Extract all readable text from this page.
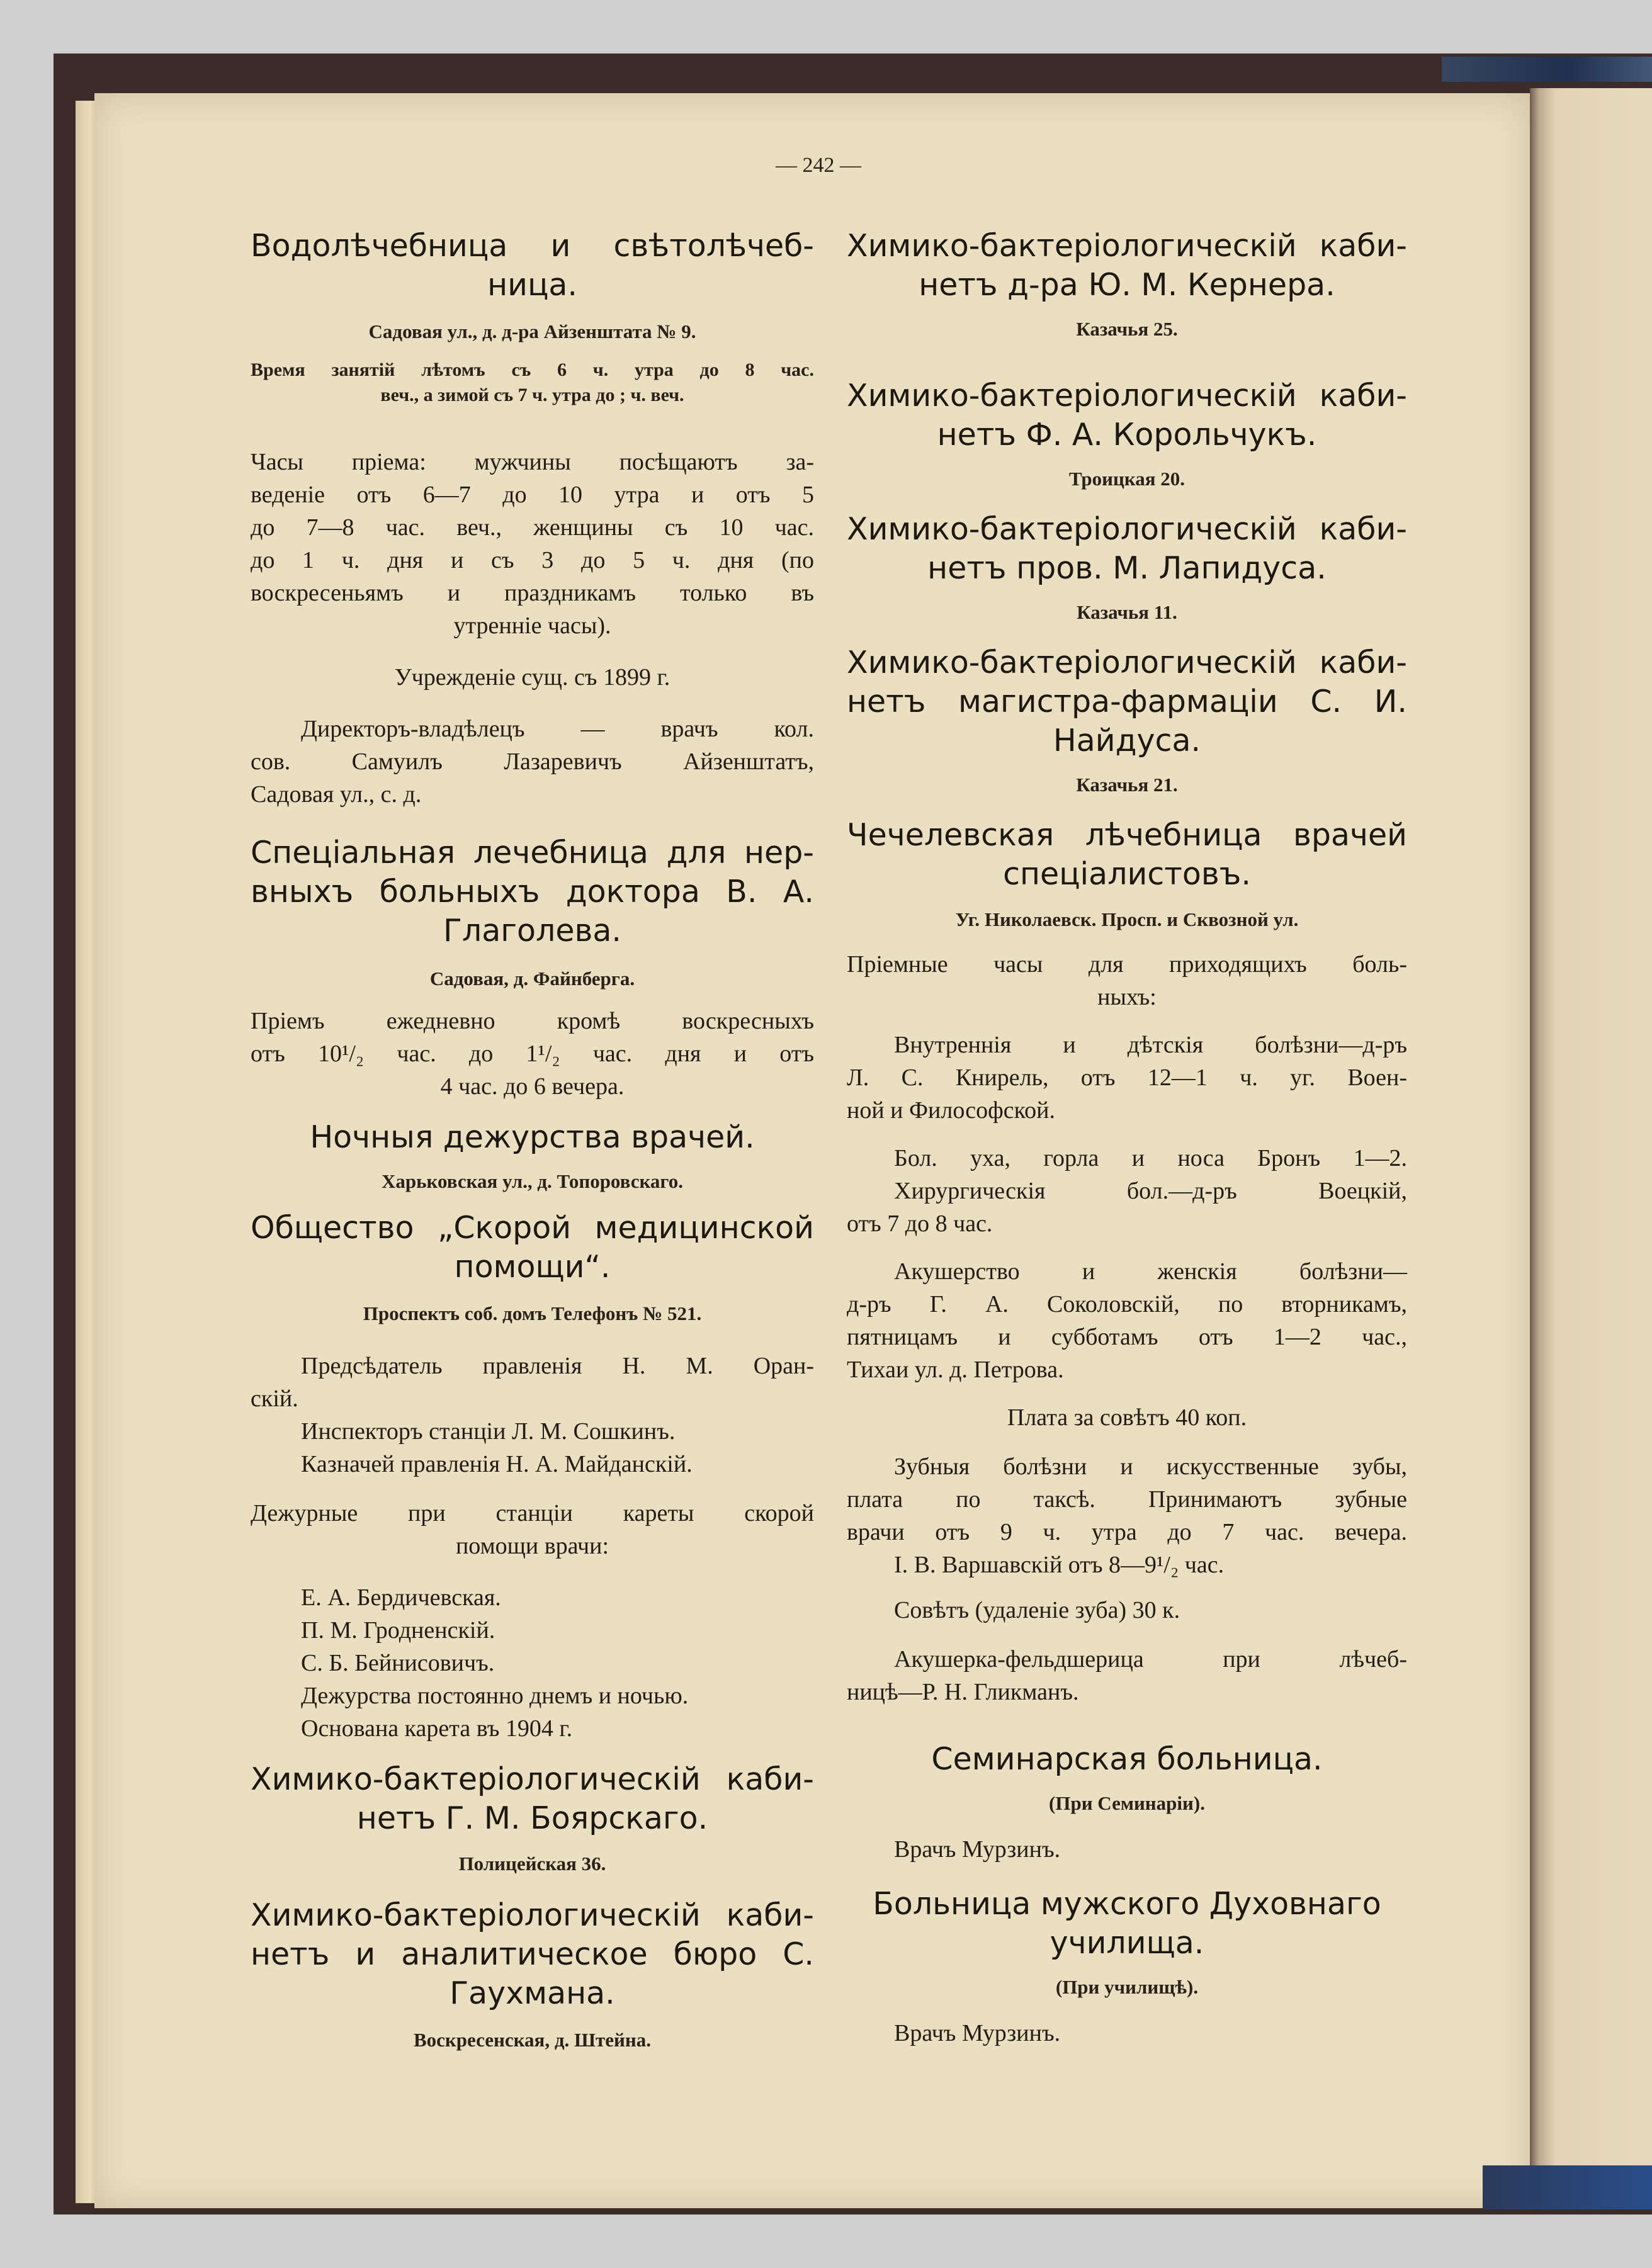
— 242 —
Водолѣчебница и свѣтолѣчеб-
ница.
Садовая ул., д. д-ра Айзенштата № 9.
Время занятій лѣтомъ съ 6 ч. утра до 8 час.
веч., а зимой съ 7 ч. утра до ; ч. веч.
Часы пріема: мужчины посѣщаютъ за-
веденіе отъ 6—7 до 10 утра и отъ 5
до 7—8 час. веч., женщины съ 10 час.
до 1 ч. дня и съ 3 до 5 ч. дня (по
воскресеньямъ и праздникамъ только въ
утренніе часы).
Учрежденіе сущ. съ 1899 г.
Директоръ-владѣлецъ — врачъ кол.
сов. Самуилъ Лазаревичъ Айзенштатъ,
Садовая ул., с. д.
Спеціальная лечебница для нер-
вныхъ больныхъ доктора В. А.
Глаголева.
Садовая, д. Файнберга.
Пріемъ ежедневно кромѣ воскресныхъ
отъ 10¹/₂ час. до 1¹/₂ час. дня и отъ
4 час. до 6 вечера.
Ночныя дежурства врачей.
Харьковская ул., д. Топоровскаго.
Общество „Скорой медицинской
помощи“.
Проспектъ соб. домъ Телефонъ № 521.
Предсѣдатель правленія Н. М. Оран-
скій.
Инспекторъ станціи Л. М. Сошкинъ.
Казначей правленія Н. А. Майданскій.
Дежурные при станціи кареты скорой
помощи врачи:
Е. А. Бердичевская.
П. М. Гродненскій.
С. Б. Бейнисовичъ.
Дежурства постоянно днемъ и ночью.
Основана карета въ 1904 г.
Химико-бактеріологическій каби-
нетъ Г. М. Боярскаго.
Полицейская 36.
Химико-бактеріологическій каби-
нетъ и аналитическое бюро С.
Гаухмана.
Воскресенская, д. Штейна.
Химико-бактеріологическій каби-
нетъ д-ра Ю. М. Кернера.
Казачья 25.
Химико-бактеріологическій каби-
нетъ Ф. А. Корольчукъ.
Троицкая 20.
Химико-бактеріологическій каби-
нетъ пров. М. Лапидуса.
Казачья 11.
Химико-бактеріологическій каби-
нетъ магистра-фармаціи С. И.
Найдуса.
Казачья 21.
Чечелевская лѣчебница врачей
спеціалистовъ.
Уг. Николаевск. Просп. и Сквозной ул.
Пріемные часы для приходящихъ боль-
ныхъ:
Внутреннія и дѣтскія болѣзни—д-ръ
Л. С. Книрель, отъ 12—1 ч. уг. Воен-
ной и Философской.
Бол. уха, горла и носа Бронъ 1—2.
Хирургическія бол.—д-ръ Воецкій,
отъ 7 до 8 час.
Акушерство и женскія болѣзни—
д-ръ Г. А. Соколовскій, по вторникамъ,
пятницамъ и субботамъ отъ 1—2 час.,
Тихаи ул. д. Петрова.
Плата за совѣтъ 40 коп.
Зубныя болѣзни и искусственные зубы,
плата по таксѣ. Принимаютъ зубные
врачи отъ 9 ч. утра до 7 час. вечера.
I. В. Варшавскій отъ 8—9¹/₂ час.
Совѣтъ (удаленіе зуба) 30 к.
Акушерка-фельдшерица при лѣчеб-
ницѣ—Р. Н. Гликманъ.
Семинарская больница.
(При Семинаріи).
Врачъ Мурзинъ.
Больница мужского Духовнаго
училища.
(При училищѣ).
Врачъ Мурзинъ.
